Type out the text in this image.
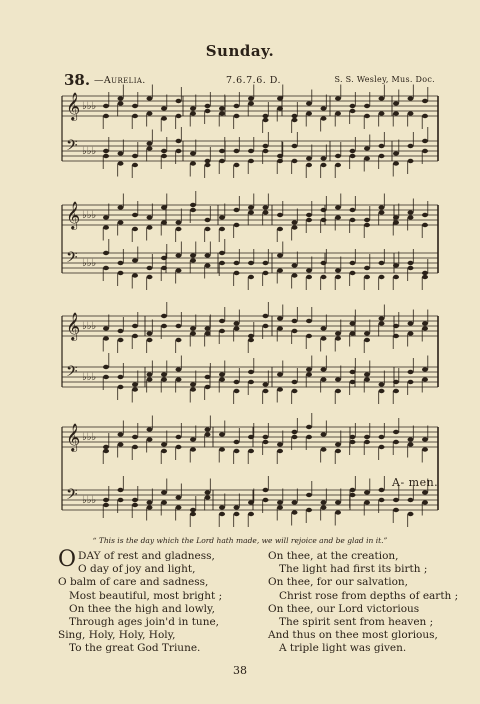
Sunday.
38. —Aurelia.	7.6.7.6. D.	S. S. Wesley, Mus. Doc.
𝄞 ♭♭♭
𝄢 ♭♭♭
𝄞 ♭♭♭
𝄢 ♭♭♭
𝄞 ♭♭♭
𝄢 ♭♭♭
𝄞 ♭♭♭
𝄢 ♭♭♭
A- men.
“ This is the day which the Lord hath made, we will rejoice and be glad in it.”
O DAY of rest and gladness,
O day of joy and light,
O balm of care and sadness,
Most beautiful, most bright ;
On thee the high and lowly,
Through ages join'd in tune,
Sing, Holy, Holy, Holy,
To the great God Triune.
On thee, at the creation,
The light had first its birth ;
On thee, for our salvation,
Christ rose from depths of earth ;
On thee, our Lord victorious
The spirit sent from heaven ;
And thus on thee most glorious,
A triple light was given.
38
